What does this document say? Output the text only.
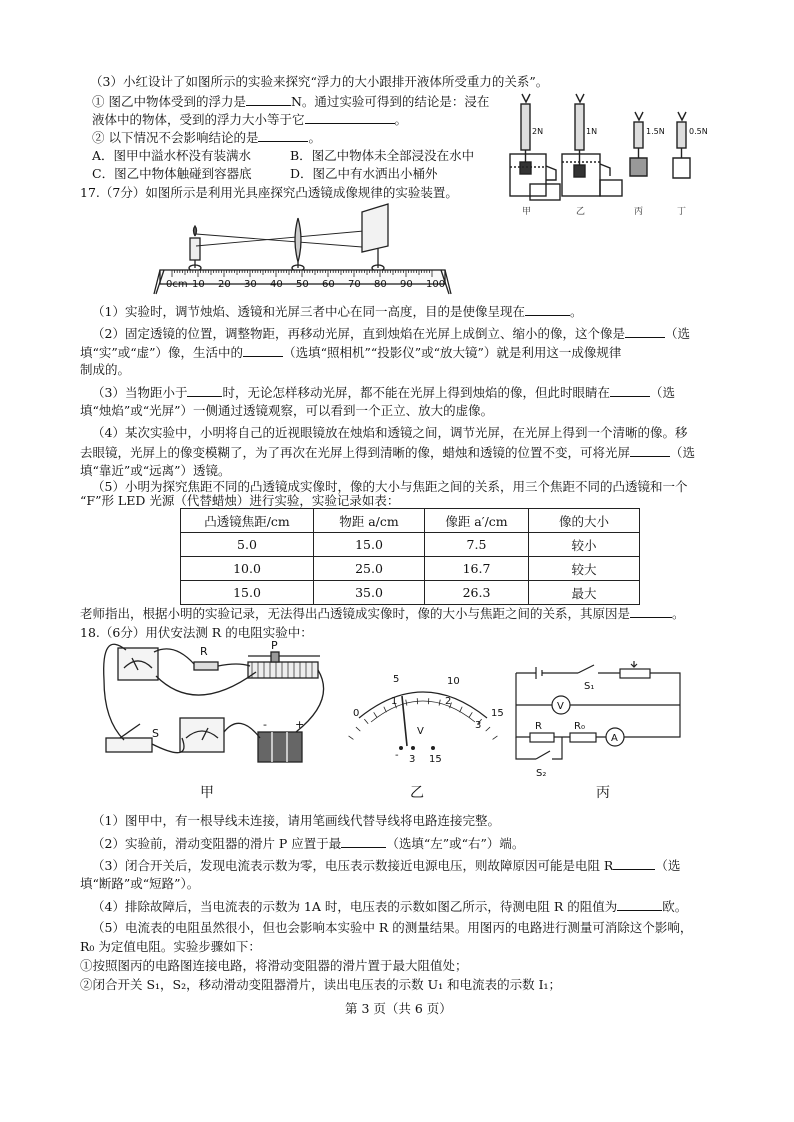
（3）小红设计了如图所示的实验来探究“浮力的大小跟排开液体所受重力的关系”。
① 图乙中物体受到的浮力是	N。通过实验可得到的结论是：浸在
液体中的物体，受到的浮力大小等于它	。
② 以下情况不会影响结论的是	。
A．图甲中溢水杯没有装满水	B．图乙中物体未全部浸没在水中
C．图乙中物体触碰到容器底	D．图乙中有水洒出小桶外
2N	1N	1.5N	0.5N
甲	乙	丙	丁
17.（7分）如图所示是利用光具座探究凸透镜成像规律的实验装置。
0cm 10 20 30 40 50 60 70 80 90 100
（1）实验时，调节烛焰、透镜和光屏三者中心在同一高度，目的是使像呈现在	。
（2）固定透镜的位置，调整物距，再移动光屏，直到烛焰在光屏上成倒立、缩小的像，这个像是	（选
填“实”或“虚”）像，生活中的	（选填“照相机”“投影仪”或“放大镜”）就是利用这一成像规律
制成的。
（3）当物距小于	时，无论怎样移动光屏，都不能在光屏上得到烛焰的像，但此时眼睛在	（选
填“烛焰”或“光屏”）一侧通过透镜观察，可以看到一个正立、放大的虚像。
（4）某次实验中，小明将自己的近视眼镜放在烛焰和透镜之间，调节光屏，在光屏上得到一个清晰的像。移
去眼镜，光屏上的像变模糊了，为了再次在光屏上得到清晰的像，蜡烛和透镜的位置不变，可将光屏	（选
填“靠近”或“远离”）透镜。
（5）小明为探究焦距不同的凸透镜成实像时，像的大小与焦距之间的关系，用三个焦距不同的凸透镜和一个
“F”形 LED 光源（代替蜡烛）进行实验，实验记录如表：
凸透镜焦距/cm	物距 a/cm	像距 a′/cm	像的大小
5.0	15.0	7.5	较小
10.0	25.0	16.7	较大
15.0	35.0	26.3	最大
老师指出，根据小明的实验记录，无法得出凸透镜成实像时，像的大小与焦距之间的关系，其原因是	。
18.（6分）用伏安法测 R 的电阻实验中：
R	P
S
-	+
5	10
15
0
1	2
3
V
- 3 15
S₁
V
R	R₀
A
S₂
甲	乙	丙
（1）图甲中，有一根导线未连接，请用笔画线代替导线将电路连接完整。
（2）实验前，滑动变阻器的滑片 P 应置于最	（选填“左”或“右”）端。
（3）闭合开关后，发现电流表示数为零，电压表示数接近电源电压，则故障原因可能是电阻 R	（选
填“断路”或“短路”）。
（4）排除故障后，当电流表的示数为 1A 时，电压表的示数如图乙所示，待测电阻 R 的阻值为	欧。
（5）电流表的电阻虽然很小，但也会影响本实验中 R 的测量结果。用图丙的电路进行测量可消除这个影响，
R₀ 为定值电阻。实验步骤如下：
①按照图丙的电路图连接电路，将滑动变阻器的滑片置于最大阻值处；
②闭合开关 S₁，S₂，移动滑动变阻器滑片，读出电压表的示数 U₁ 和电流表的示数 I₁；
第 3 页（共 6 页）
